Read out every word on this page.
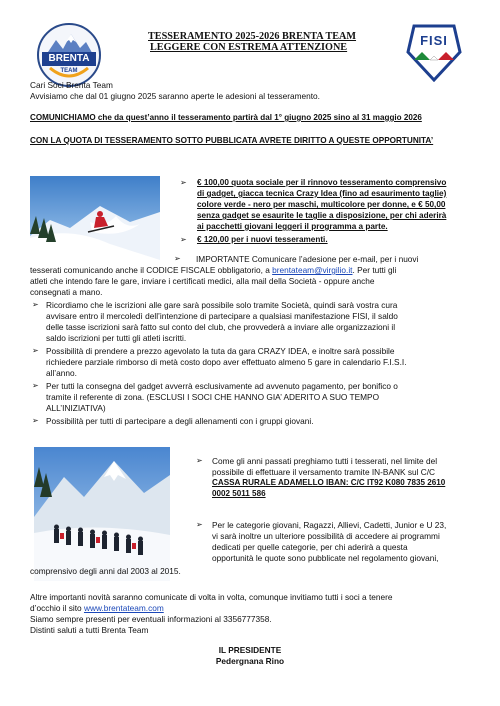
BRENTA
TEAM
TESSERAMENTO 2025-2026 BRENTA TEAM
LEGGERE CON ESTREMA ATTENZIONE	FISI
Cari Soci Brenta Team
Avvisiamo che dal 01 giugno 2025 saranno aperte le adesioni al tesseramento.
COMUNICHIAMO che da quest’anno il tesseramento partirà dal 1° giugno 2025 sino al 31 maggio 2026
CON LA QUOTA DI TESSERAMENTO SOTTO PUBBLICATA AVRETE DIRITTO A QUESTE OPPORTUNITA’
➢ € 100,00 quota sociale per il rinnovo tesseramento comprensivo
di gadget, giacca tecnica Crazy Idea (fino ad esaurimento taglie)
colore verde - nero per maschi, multicolore per donne, e € 50,00
senza gadget se esaurite le taglie a disposizione, per chi aderirà
ai pacchetti giovani leggeri il programma a parte.
➢ € 120,00 per i nuovi tesseramenti.
➢ IMPORTANTE Comunicare l’adesione per e-mail, per i nuovi
tesserati comunicando anche il CODICE FISCALE obbligatorio, a brentateam@virgilio.it. Per tutti gli
atleti che intendo fare le gare, inviare i certificati medici, alla mail della Società - oppure anche
consegnati a mano.
➢ Ricordiamo che le iscrizioni alle gare sarà possibile solo tramite Società, quindi sarà vostra cura
avvisare entro il mercoledì dell’intenzione di partecipare a qualsiasi manifestazione FISI, il saldo
delle tasse iscrizioni sarà fatto sul conto del club, che provvederà a inviare alle organizzazioni il
saldo iscrizioni per tutti gli atleti iscritti.
➢ Possibilità di prendere a prezzo agevolato la tuta da gara CRAZY IDEA, e inoltre sarà possibile
richiedere parziale rimborso di metà costo dopo aver effettuato almeno 5 gare in calendario F.I.S.I.
all’anno.
➢ Per tutti la consegna del gadget avverrà esclusivamente ad avvenuto pagamento, per bonifico o
tramite il referente di zona. (ESCLUSI I SOCI CHE HANNO GIA’ ADERITO A SUO TEMPO
ALL’INIZIATIVA)
➢ Possibilità per tutti di partecipare a degli allenamenti con i gruppi giovani.
➢ Come gli anni passati preghiamo tutti i tesserati, nel limite del
possibile di effettuare il versamento tramite IN-BANK sul C/C
CASSA RURALE ADAMELLO IBAN: C/C IT92 K080 7835 2610
0002 5011 586
➢ Per le categorie giovani, Ragazzi, Allievi, Cadetti, Junior e U 23,
vi sarà inoltre un ulteriore possibilità di accedere ai programmi
dedicati per quelle categorie, per chi aderirà a questa
opportunità le quote sono pubblicate nel regolamento giovani,
comprensivo degli anni dal 2003 al 2015.
Altre importanti novità saranno comunicate di volta in volta, comunque invitiamo tutti i soci a tenere
d’occhio il sito www.brentateam.com
Siamo sempre presenti per eventuali informazioni al 3356777358.
Distinti saluti a tutti Brenta Team
IL PRESIDENTE
Pedergnana Rino
